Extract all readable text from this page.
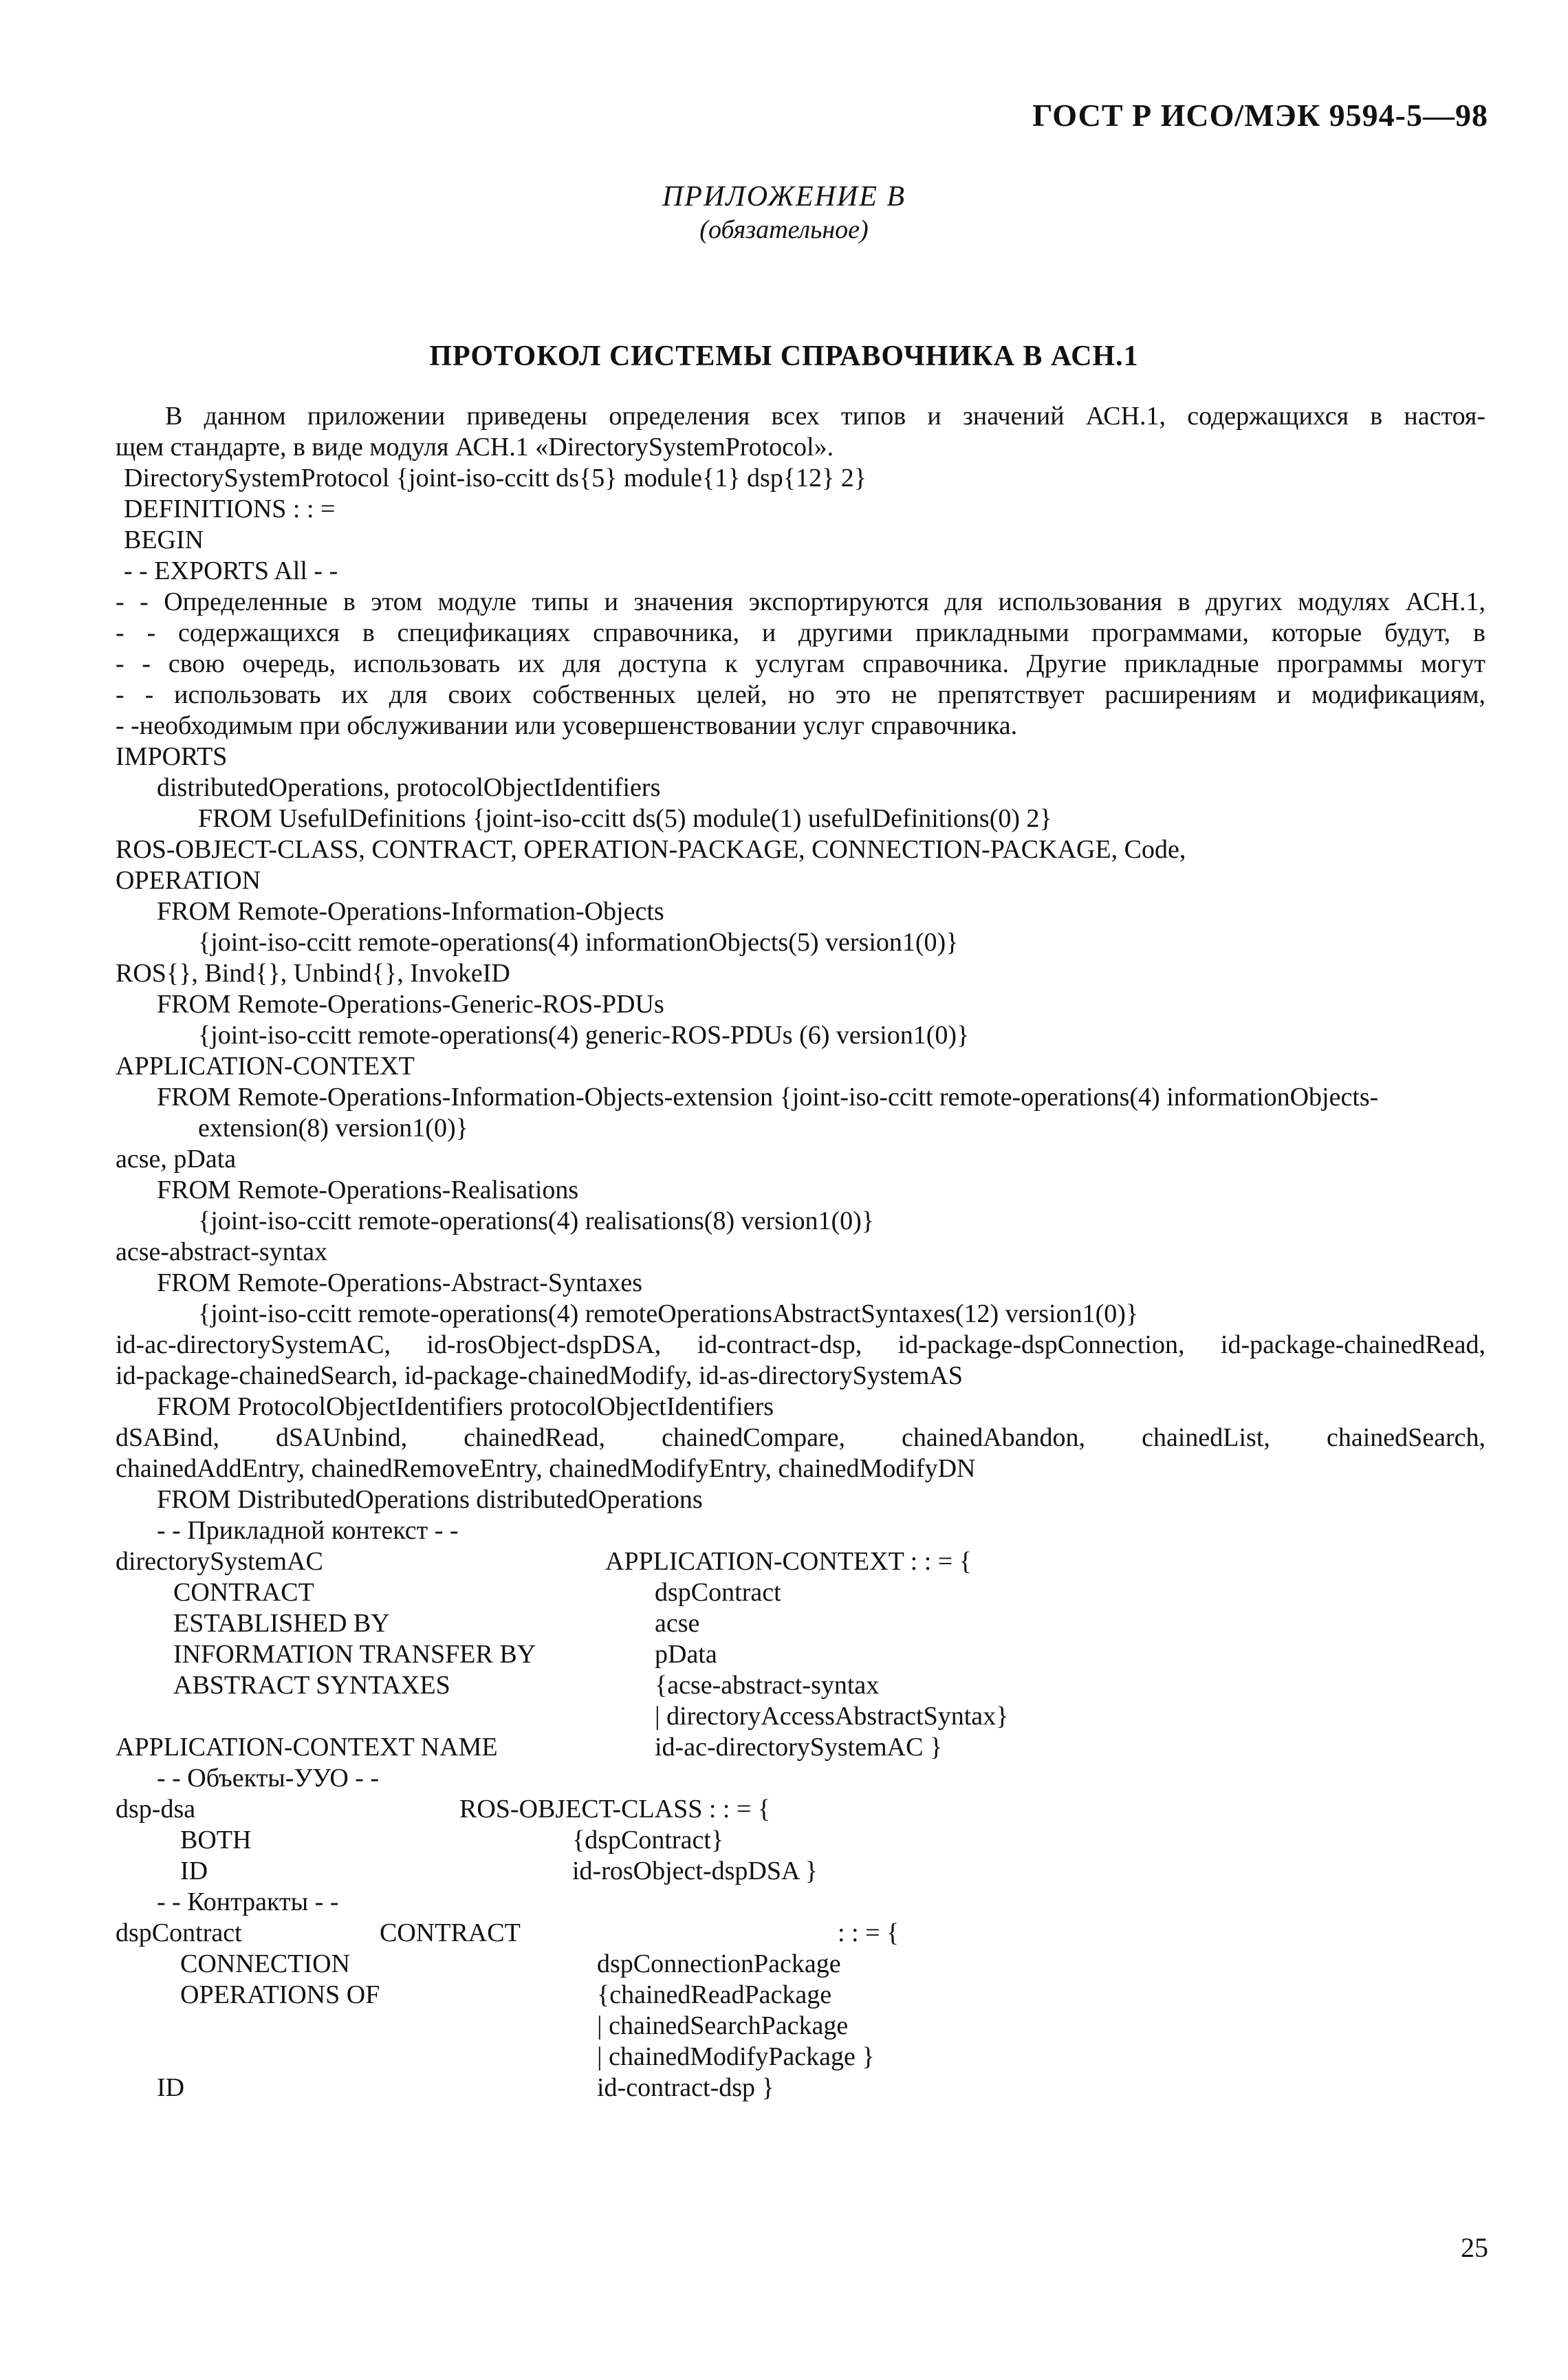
ГОСТ Р ИСО/МЭК 9594-5—98
ПРИЛОЖЕНИЕ В
(обязательное)
ПРОТОКОЛ СИСТЕМЫ СПРАВОЧНИКА В АСН.1
В данном приложении приведены определения всех типов и значений АСН.1, содержащихся в настоя-
щем стандарте, в виде модуля АСН.1 «DirectorySystemProtocol».
DirectorySystemProtocol {joint-iso-ccitt ds{5} module{1} dsp{12} 2}
DEFINITIONS : : =
BEGIN
- - EXPORTS All - -
- - Определенные в этом модуле типы и значения экспортируются для использования в других модулях АСН.1,
- - содержащихся в спецификациях справочника, и другими прикладными программами, которые будут, в
- - свою очередь, использовать их для доступа к услугам справочника. Другие прикладные программы могут
- - использовать их для своих собственных целей, но это не препятствует расширениям и модификациям,
- -необходимым при обслуживании или усовершенствовании услуг справочника.
IMPORTS
distributedOperations, protocolObjectIdentifiers
FROM UsefulDefinitions {joint-iso-ccitt ds(5) module(1) usefulDefinitions(0) 2}
ROS-OBJECT-CLASS, CONTRACT, OPERATION-PACKAGE, CONNECTION-PACKAGE, Code,
OPERATION
FROM Remote-Operations-Information-Objects
{joint-iso-ccitt remote-operations(4) informationObjects(5) version1(0)}
ROS{}, Bind{}, Unbind{}, InvokeID
FROM Remote-Operations-Generic-ROS-PDUs
{joint-iso-ccitt remote-operations(4) generic-ROS-PDUs (6) version1(0)}
APPLICATION-CONTEXT
FROM Remote-Operations-Information-Objects-extension {joint-iso-ccitt remote-operations(4) informationObjects-
extension(8) version1(0)}
acse, pData
FROM Remote-Operations-Realisations
{joint-iso-ccitt remote-operations(4) realisations(8) version1(0)}
acse-abstract-syntax
FROM Remote-Operations-Abstract-Syntaxes
{joint-iso-ccitt remote-operations(4) remoteOperationsAbstractSyntaxes(12) version1(0)}
id-ac-directorySystemAC, id-rosObject-dspDSA, id-contract-dsp, id-package-dspConnection, id-package-chainedRead,
id-package-chainedSearch, id-package-chainedModify, id-as-directorySystemAS
FROM ProtocolObjectIdentifiers protocolObjectIdentifiers
dSABind, dSAUnbind, chainedRead, chainedCompare, chainedAbandon, chainedList, chainedSearch,
chainedAddEntry, chainedRemoveEntry, chainedModifyEntry, chainedModifyDN
FROM DistributedOperations distributedOperations
- - Прикладной контекст - -
directorySystemAC	APPLICATION-CONTEXT : : = {
CONTRACT	dspContract
ESTABLISHED BY	acse
INFORMATION TRANSFER BY	pData
ABSTRACT SYNTAXES	{acse-abstract-syntax
| directoryAccessAbstractSyntax}
APPLICATION-CONTEXT NAME	id-ac-directorySystemAC }
- - Объекты-УУО - -
dsp-dsa	ROS-OBJECT-CLASS : : = {
BOTH	{dspContract}
ID	id-rosObject-dspDSA }
- - Контракты - -
dspContract	CONTRACT	: : = {
CONNECTION	dspConnectionPackage
OPERATIONS OF	{chainedReadPackage
| chainedSearchPackage
| chainedModifyPackage }
ID	id-contract-dsp }
25
